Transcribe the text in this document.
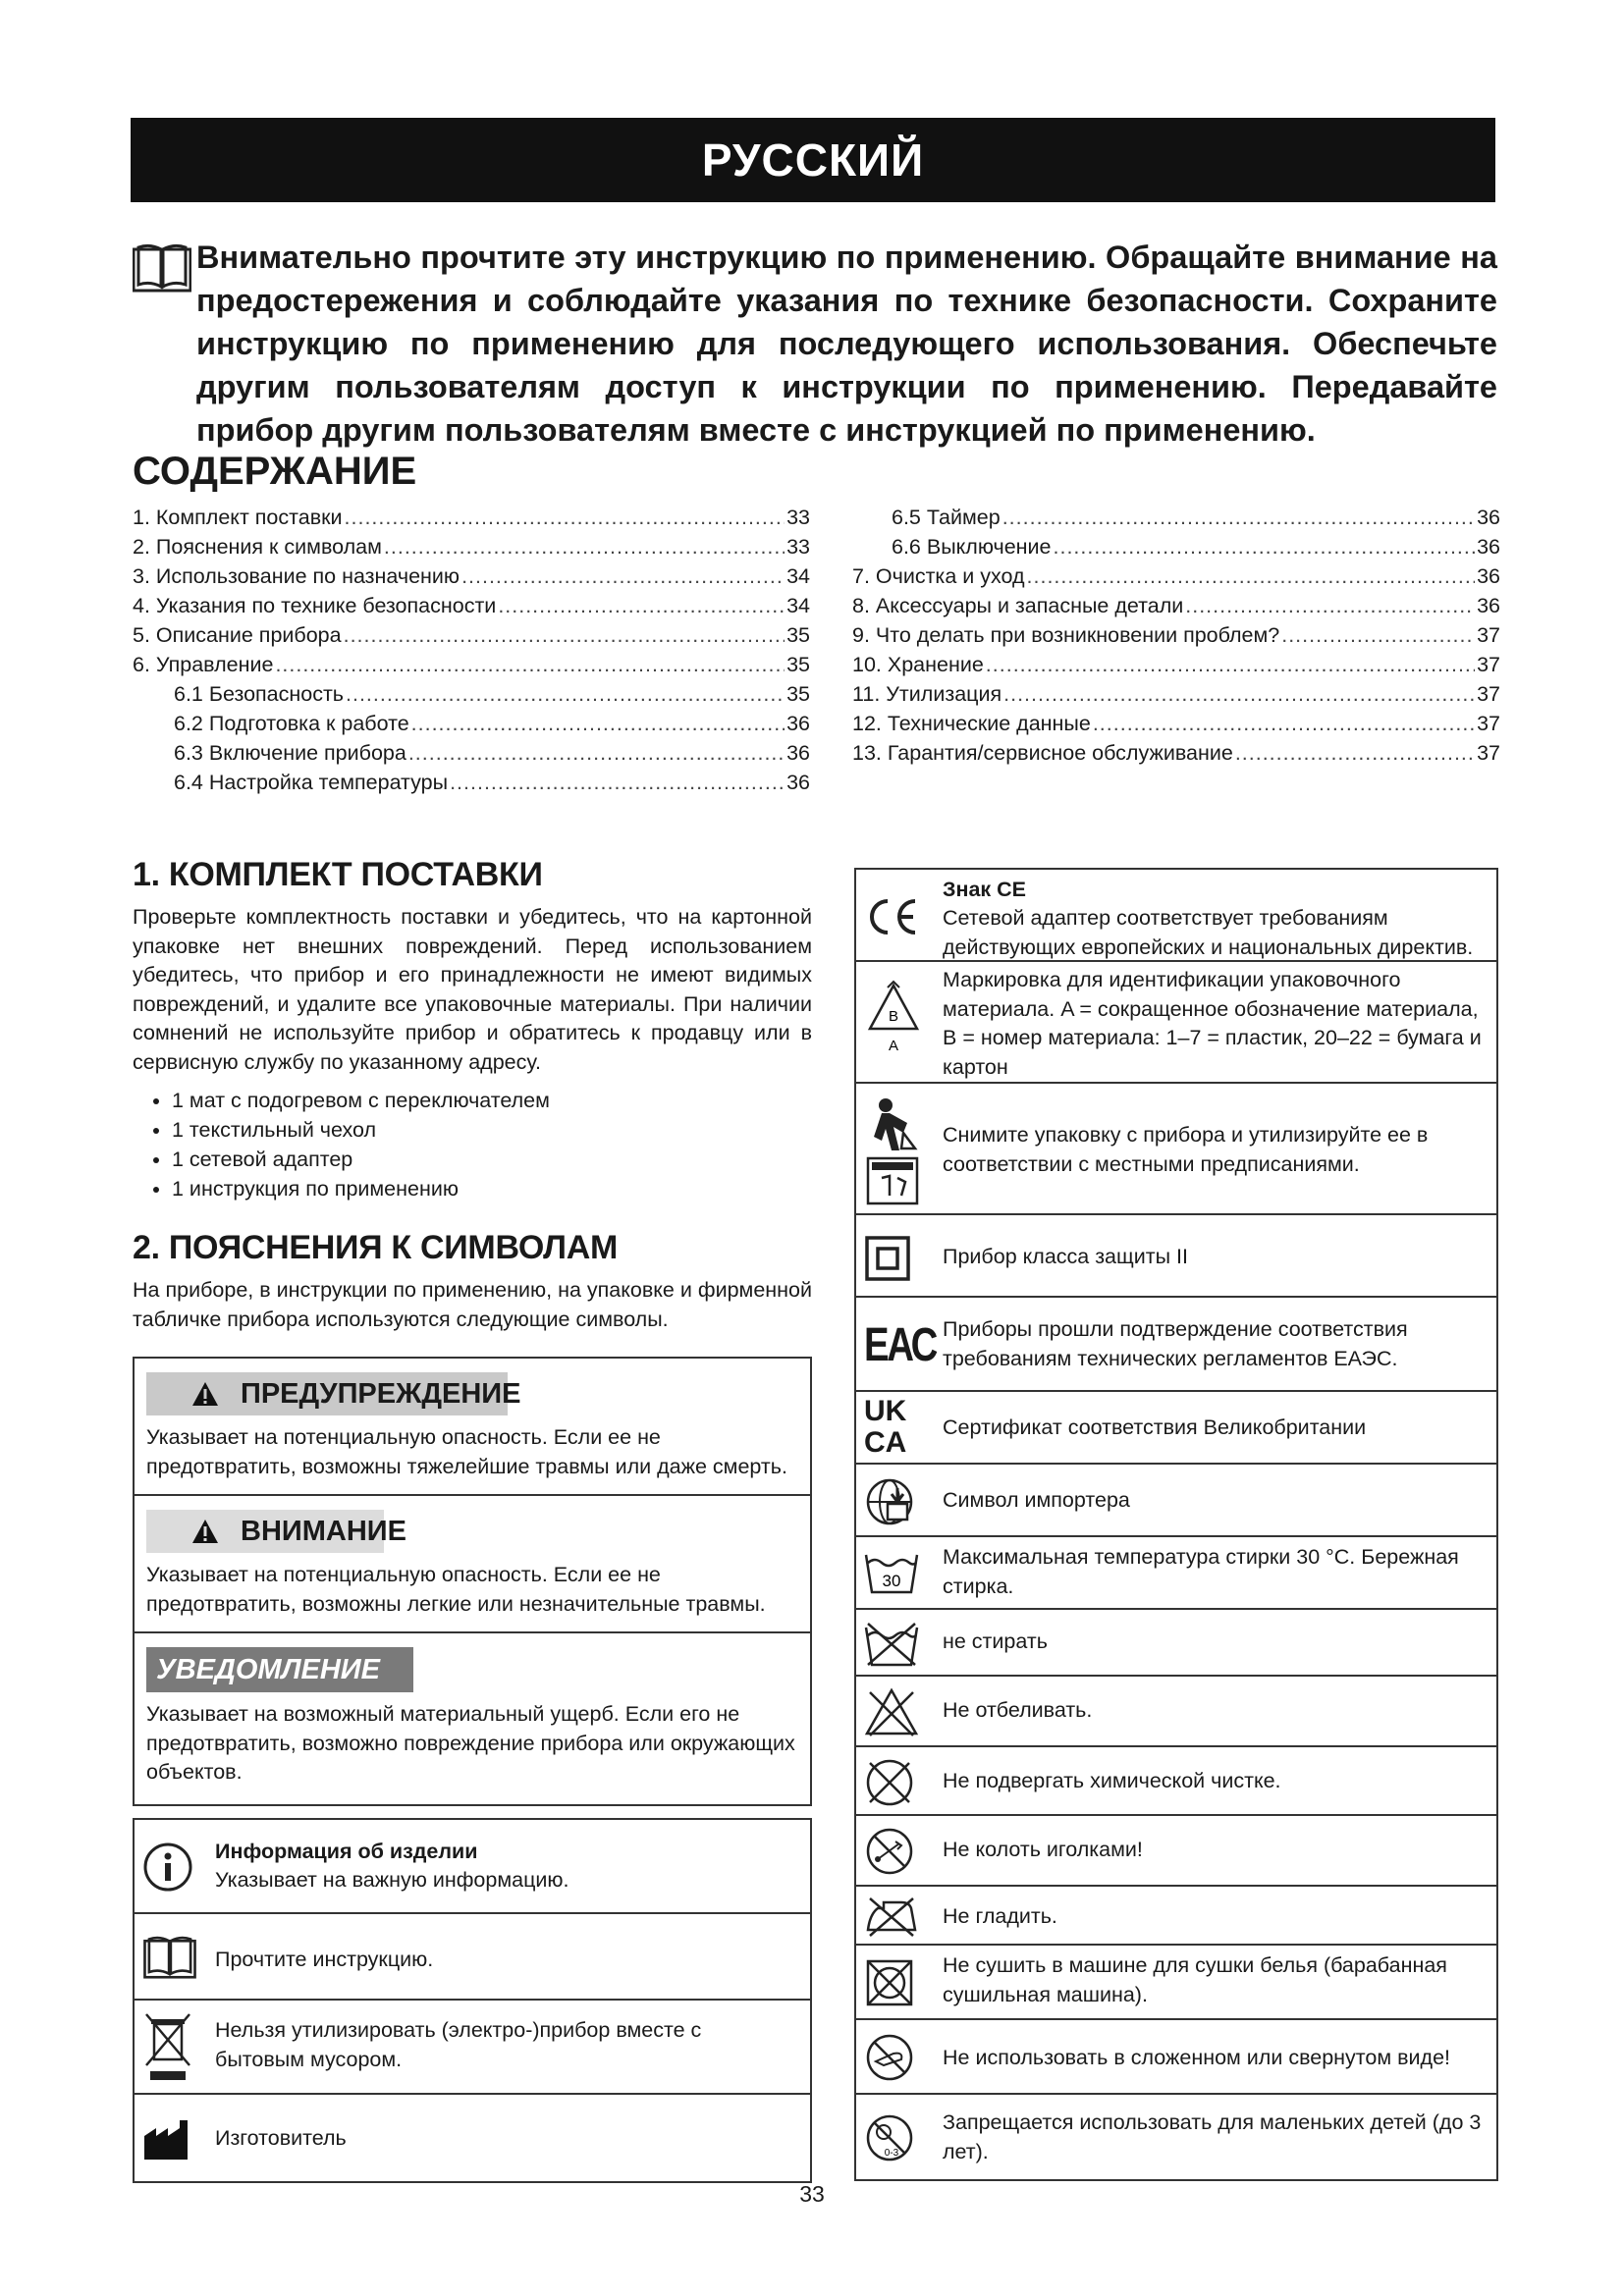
РУССКИЙ

Внимательно прочтите эту инструкцию по применению. Обращайте внимание на предостережения и соблюдайте указания по технике безопасности. Сохраните инструкцию по применению для последующего использования. Обеспечьте другим пользователям доступ к инструкции по применению. Передавайте прибор другим пользователям вместе с инструкцией по применению.

СОДЕРЖАНИЕ
1. Комплект поставки .....	33
2. Пояснения к символам .....	33
3. Использование по назначению .....	34
4. Указания по технике безопасности .....	34
5. Описание прибора .....	35
6. Управление .....	35
6.1 Безопасность .....	35
6.2 Подготовка к работе .....	36
6.3 Включение прибора .....	36
6.4 Настройка температуры .....	36
6.5 Таймер .....	36
6.6 Выключение .....	36
7. Очистка и уход .....	36
8. Аксессуары и запасные детали .....	36
9. Что делать при возникновении проблем? .....	37
10. Хранение .....	37
11. Утилизация .....	37
12. Технические данные .....	37
13. Гарантия/сервисное обслуживание .....	37
1. КОМПЛЕКТ ПОСТАВКИ

Проверьте комплектность поставки и убедитесь, что на картонной упаковке нет внешних повреждений. Перед использованием убедитесь, что прибор и его принадлежности не имеют видимых повреждений, и удалите все упаковочные материалы. При наличии сомнений не используйте прибор и обратитесь к продавцу или в сервисную службу по указанному адресу.

• 1 мат с подогревом с переключателем
• 1 текстильный чехол
• 1 сетевой адаптер
• 1 инструкция по применению
2. ПОЯСНЕНИЯ К СИМВОЛАМ

На приборе, в инструкции по применению, на упаковке и фирменной табличке прибора используются следующие символы.

ПРЕДУПРЕЖДЕНИЕ

Указывает на потенциальную опасность. Если ее не предотвратить, возможны тяжелейшие травмы или даже смерть.

ВНИМАНИЕ

Указывает на потенциальную опасность. Если ее не предотвратить, возможны легкие или незначительные травмы.

УВЕДОМЛЕНИЕ

Указывает на возможный материальный ущерб. Если его не предотвратить, возможно повреждение прибора или окружающих объектов.

Информация об изделии

Указывает на важную информацию.

Прочтите инструкцию.

Нельзя утилизировать (электро-)прибор вместе с бытовым мусором.

Изготовитель

Знак CE

Сетевой адаптер соответствует требованиям действующих европейских и национальных директив.

B
A

Маркировка для идентификации упаковочного материала. A = сокращенное обозначение материала, B = номер материала: 1–7 = пластик, 20–22 = бумага и картон

Снимите упаковку с прибора и утилизируйте ее в соответствии с местными предписаниями.

Прибор класса защиты II

ЕАС Приборы прошли подтверждение соответствия требованиям технических регламентов ЕАЭС.

UK
CA Сертификат соответствия Великобритании

Символ импортера

30

Максимальная температура стирки 30 °C. Бережная стирка.

не стирать

Не отбеливать.

Не подвергать химической чистке.

Не колоть иголками!

Не гладить.

Не сушить в машине для сушки белья (барабанная сушильная машина).

Не использовать в сложенном или свернутом виде!

0-3

Запрещается использовать для маленьких детей (до 3 лет).

33
